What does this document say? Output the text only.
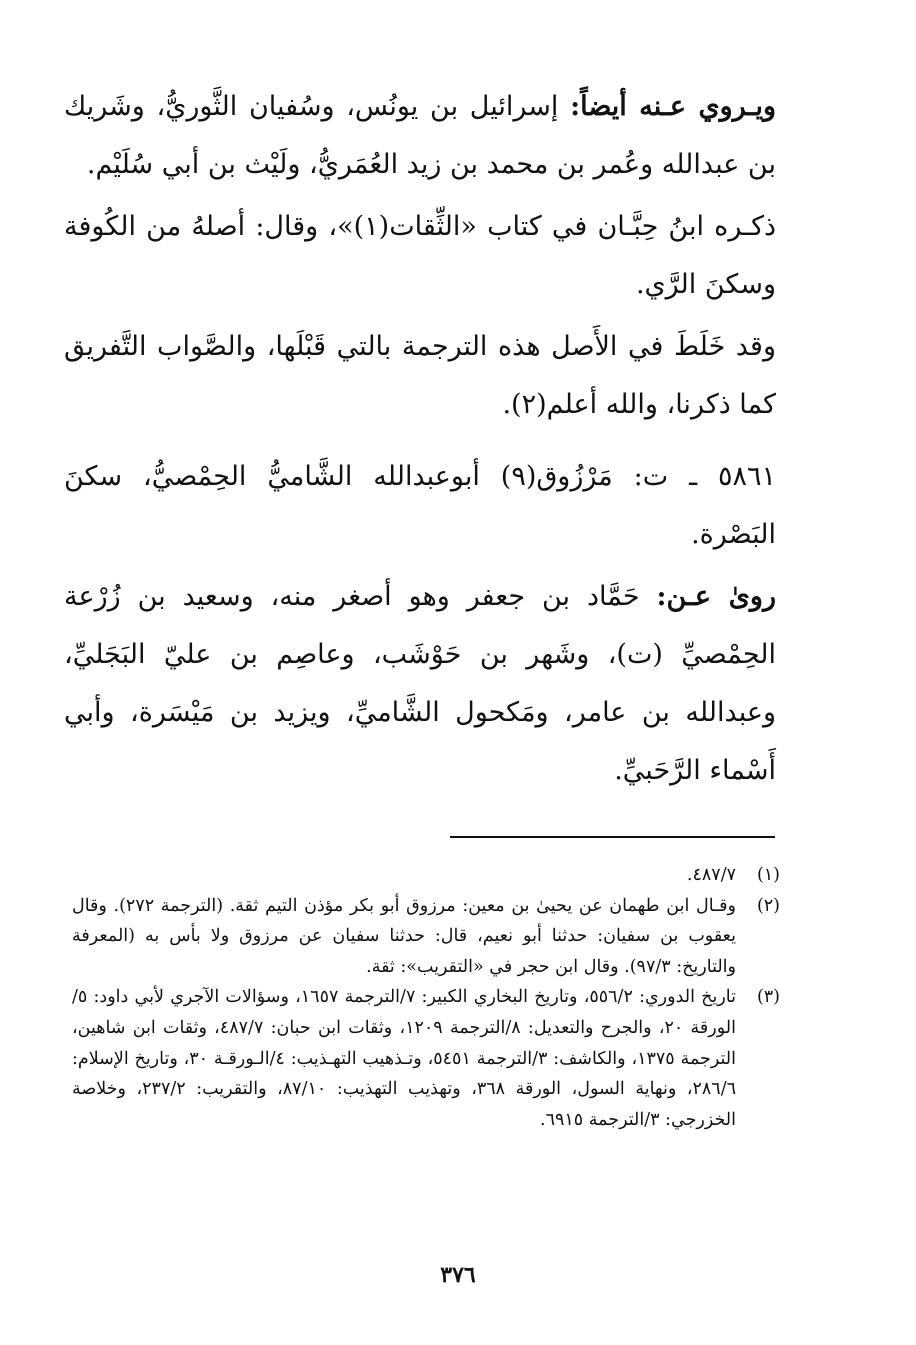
ويـروي عـنه أيضاً: إسرائيل بن يونُس، وسُفيان الثَّوريُّ، وشَريك بن عبدالله وعُمر بن محمد بن زيد العُمَريُّ، ولَيْث بن أبي سُلَيْم.

ذكـره ابنُ حِبَّـان في كتاب «الثِّقات(١)»، وقال: أصلهُ من الكُوفة وسكنَ الرَّي.

وقد خَلَطَ في الأَصل هذه الترجمة بالتي قَبْلَها، والصَّواب التَّفريق كما ذكرنا، والله أعلم(٢).

٥٨٦١ ـ ت: مَرْزُوق(٩) أبوعبدالله الشَّاميُّ الحِمْصيُّ، سكنَ البَصْرة.

روىٰ عـن: حَمَّاد بن جعفر وهو أصغر منه، وسعيد بن زُرْعة الحِمْصيِّ (ت)، وشَهر بن حَوْشَب، وعاصِم بن عليّ البَجَليِّ، وعبدالله بن عامر، ومَكحول الشَّاميِّ، ويزيد بن مَيْسَرة، وأبي أَسْماء الرَّحَبيِّ.

(١)
٤٨٧/٧.
(٢)
وقـال ابن طهمان عن يحيىٰ بن معين: مرزوق أبو بكر مؤذن التيم ثقة. (الترجمة ٢٧٢). وقال يعقوب بن سفيان: حدثنا أبو نعيم، قال: حدثنا سفيان عن مرزوق ولا بأس به (المعرفة والتاريخ: ٩٧/٣). وقال ابن حجر في «التقريب»: ثقة.
(٣)
تاريخ الدوري: ٥٥٦/٢، وتاريخ البخاري الكبير: ٧/الترجمة ١٦٥٧، وسؤالات الآجري لأبي داود: ٥/الورقة ٢٠، والجرح والتعديل: ٨/الترجمة ١٢٠٩، وثقات ابن حبان: ٤٨٧/٧، وثقات ابن شاهين، الترجمة ١٣٧٥، والكاشف: ٣/الترجمة ٥٤٥١، وتـذهيب التهـذيب: ٤/الـورقـة ٣٠، وتاريخ الإسلام: ٢٨٦/٦، ونهاية السول، الورقة ٣٦٨، وتهذيب التهذيب: ٨٧/١٠، والتقريب: ٢٣٧/٢، وخلاصة الخزرجي: ٣/الترجمة ٦٩١٥.
٣٧٦
